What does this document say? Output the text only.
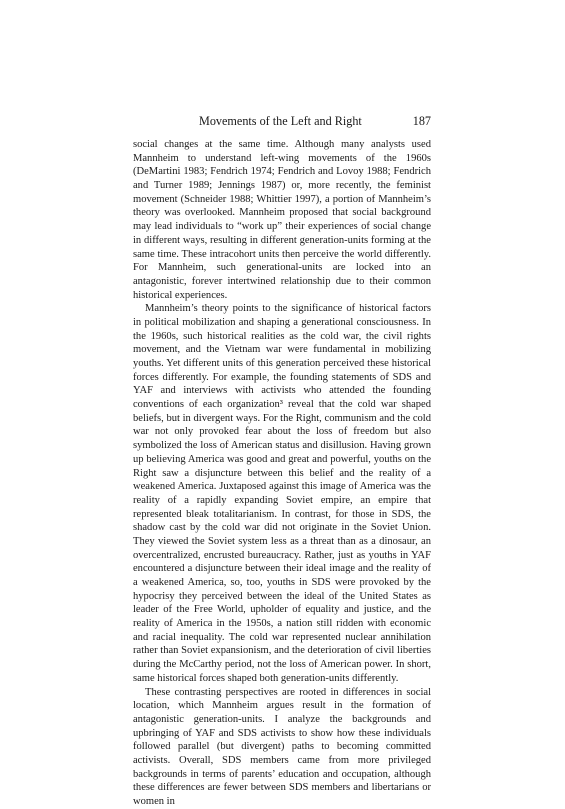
Movements of the Left and Right	187

social changes at the same time. Although many analysts used Mannheim to understand left-wing movements of the 1960s (DeMartini 1983; Fendrich 1974; Fendrich and Lovoy 1988; Fendrich and Turner 1989; Jennings 1987) or, more recently, the feminist movement (Schneider 1988; Whittier 1997), a portion of Mannheim’s theory was overlooked. Mannheim proposed that social background may lead individuals to “work up” their experiences of social change in different ways, resulting in different generation-units forming at the same time. These intracohort units then perceive the world differently. For Mannheim, such generational-units are locked into an antagonistic, forever intertwined relationship due to their common historical experiences.

Mannheim’s theory points to the significance of historical factors in political mobilization and shaping a generational consciousness. In the 1960s, such historical realities as the cold war, the civil rights movement, and the Vietnam war were fundamental in mobilizing youths. Yet different units of this generation perceived these historical forces differently. For example, the founding statements of SDS and YAF and interviews with activists who attended the founding conventions of each organization³ reveal that the cold war shaped beliefs, but in divergent ways. For the Right, communism and the cold war not only provoked fear about the loss of freedom but also symbolized the loss of American status and disillusion. Having grown up believing America was good and great and powerful, youths on the Right saw a disjuncture between this belief and the reality of a weakened America. Juxtaposed against this image of America was the reality of a rapidly expanding Soviet empire, an empire that represented bleak totalitarianism. In contrast, for those in SDS, the shadow cast by the cold war did not originate in the Soviet Union. They viewed the Soviet system less as a threat than as a dinosaur, an overcentralized, encrusted bureaucracy. Rather, just as youths in YAF encountered a disjuncture between their ideal image and the reality of a weakened America, so, too, youths in SDS were provoked by the hypocrisy they perceived between the ideal of the United States as leader of the Free World, upholder of equality and justice, and the reality of America in the 1950s, a nation still ridden with economic and racial inequality. The cold war represented nuclear annihilation rather than Soviet expansionism, and the deterioration of civil liberties during the McCarthy period, not the loss of American power. In short, same historical forces shaped both generation-units differently.

These contrasting perspectives are rooted in differences in social location, which Mannheim argues result in the formation of antagonistic generation-units. I analyze the backgrounds and upbringing of YAF and SDS activists to show how these individuals followed parallel (but divergent) paths to becoming committed activists. Overall, SDS members came from more privileged backgrounds in terms of parents’ education and occupation, although these differences are fewer between SDS members and libertarians or women in
